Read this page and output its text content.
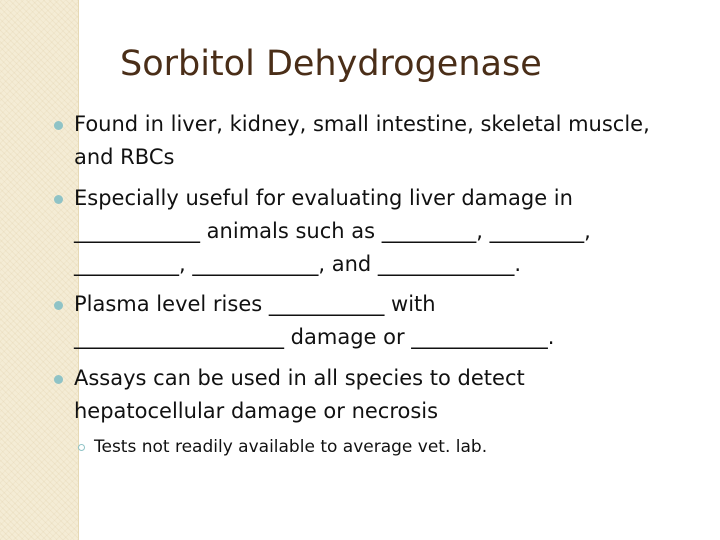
Sorbitol Dehydrogenase
Found in liver, kidney, small intestine, skeletal muscle,
and RBCs
Especially useful for evaluating liver damage in
____________ animals such as _________, _________,
__________, ____________, and _____________.
Plasma level rises ___________ with
____________________ damage or _____________.
Assays can be used in all species to detect
hepatocellular damage or necrosis
Tests not readily available to average vet. lab.
